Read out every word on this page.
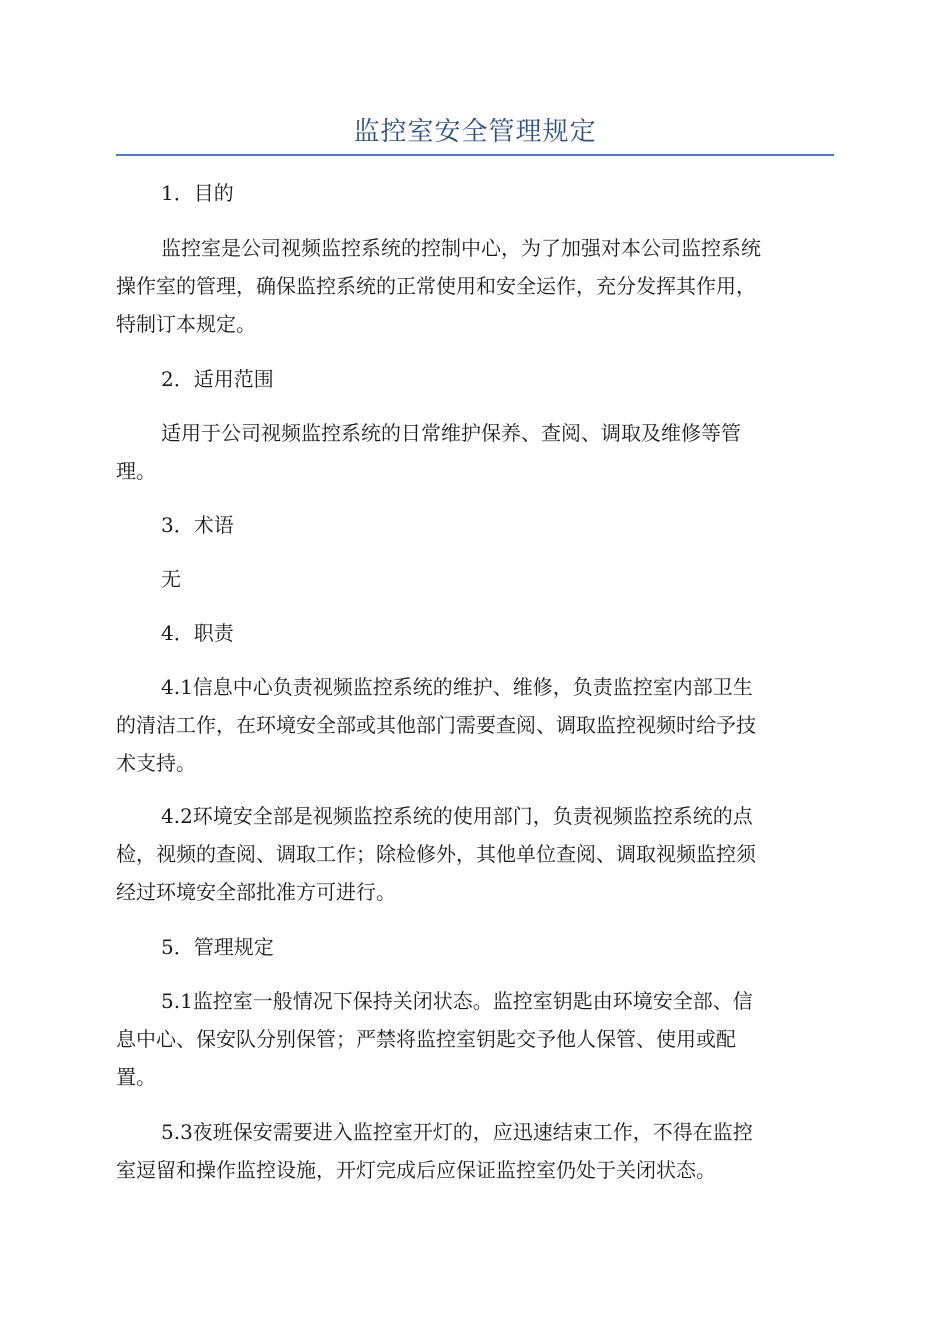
监控室安全管理规定

1．目的

监控室是公司视频监控系统的控制中心，为了加强对本公司监控系统
操作室的管理，确保监控系统的正常使用和安全运作，充分发挥其作用，
特制订本规定。

2．适用范围

适用于公司视频监控系统的日常维护保养、查阅、调取及维修等管
理。

3．术语

无

4．职责

4.1信息中心负责视频监控系统的维护、维修，负责监控室内部卫生
的清洁工作，在环境安全部或其他部门需要查阅、调取监控视频时给予技
术支持。

4.2环境安全部是视频监控系统的使用部门，负责视频监控系统的点
检，视频的查阅、调取工作；除检修外，其他单位查阅、调取视频监控须
经过环境安全部批准方可进行。

5．管理规定

5.1监控室一般情况下保持关闭状态。监控室钥匙由环境安全部、信
息中心、保安队分别保管；严禁将监控室钥匙交予他人保管、使用或配
置。

5.3夜班保安需要进入监控室开灯的，应迅速结束工作，不得在监控
室逗留和操作监控设施，开灯完成后应保证监控室仍处于关闭状态。
